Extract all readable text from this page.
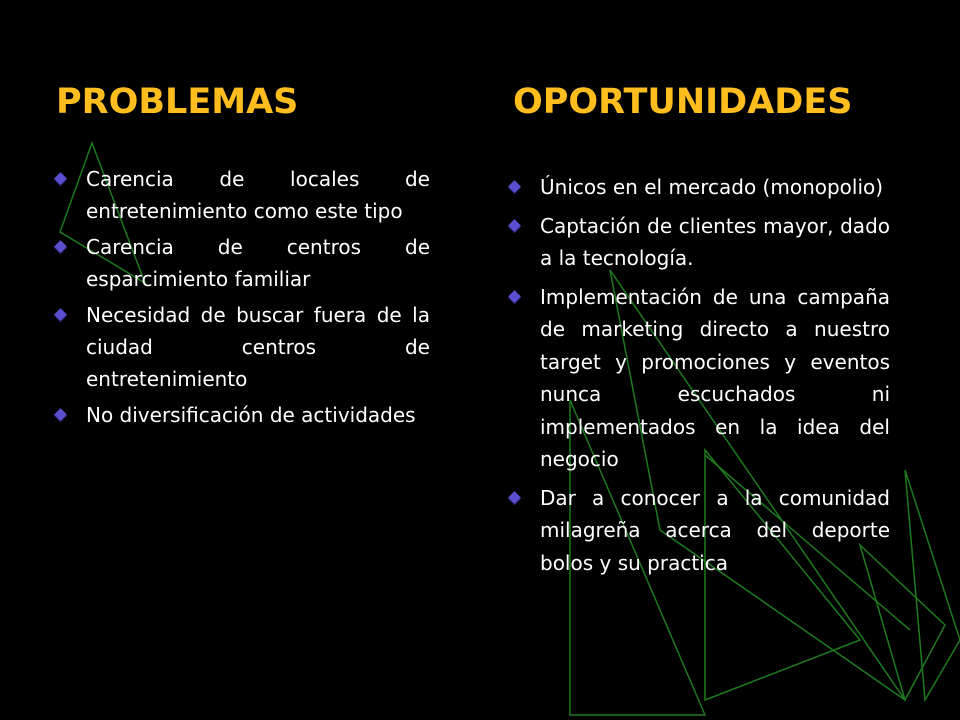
PROBLEMAS	OPORTUNIDADES
Carencia de locales de entretenimiento como este tipo
Carencia de centros de esparcimiento familiar
Necesidad de buscar fuera de la ciudad centros de entretenimiento
No diversificación de actividades
Únicos en el mercado (monopolio)
Captación de clientes mayor, dado a la tecnología.
Implementación de una campaña de marketing directo a nuestro target y promociones y eventos nunca escuchados ni implementados en la idea del negocio
Dar a conocer a la comunidad milagreña acerca del deporte bolos y su practica
